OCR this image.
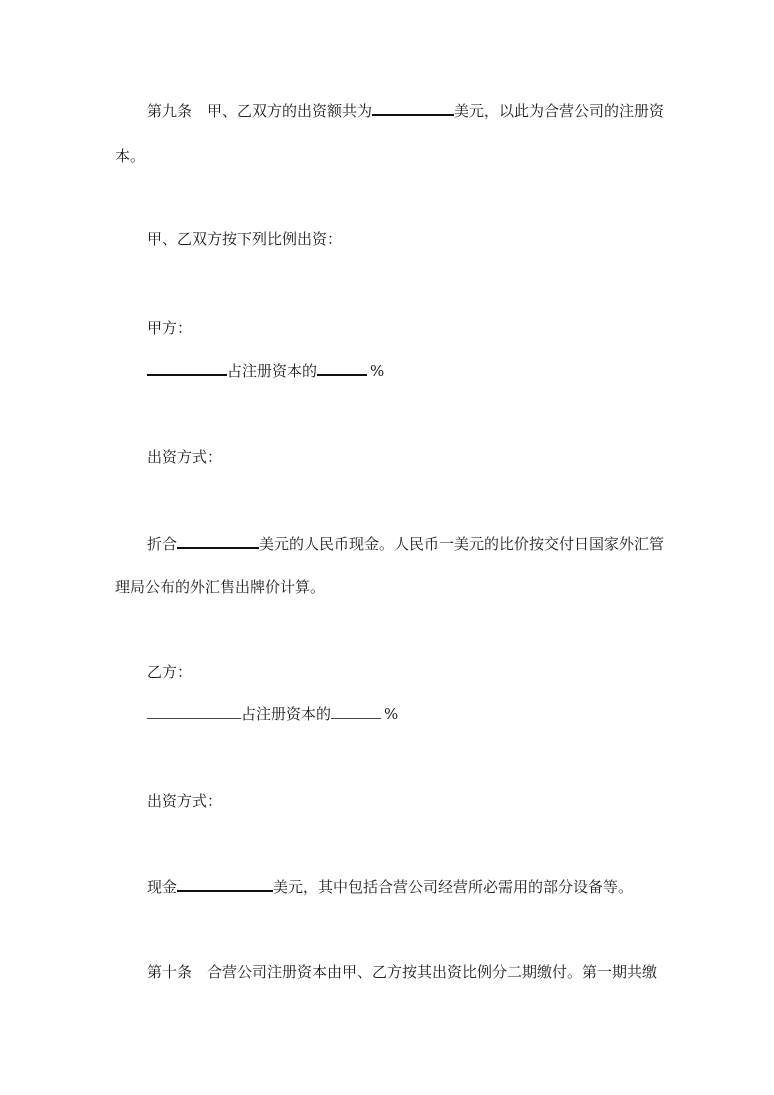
第九条　甲、乙双方的出资额共为	美元，以此为合营公司的注册资
本。
甲、乙双方按下列比例出资：
甲方：
占注册资本的	%
出资方式：
折合	美元的人民币现金。人民币一美元的比价按交付日国家外汇管
理局公布的外汇售出牌价计算。
乙方：
占注册资本的	%
出资方式：
现金	美元，其中包括合营公司经营所必需用的部分设备等。
第十条　合营公司注册资本由甲、乙方按其出资比例分二期缴付。第一期共缴
